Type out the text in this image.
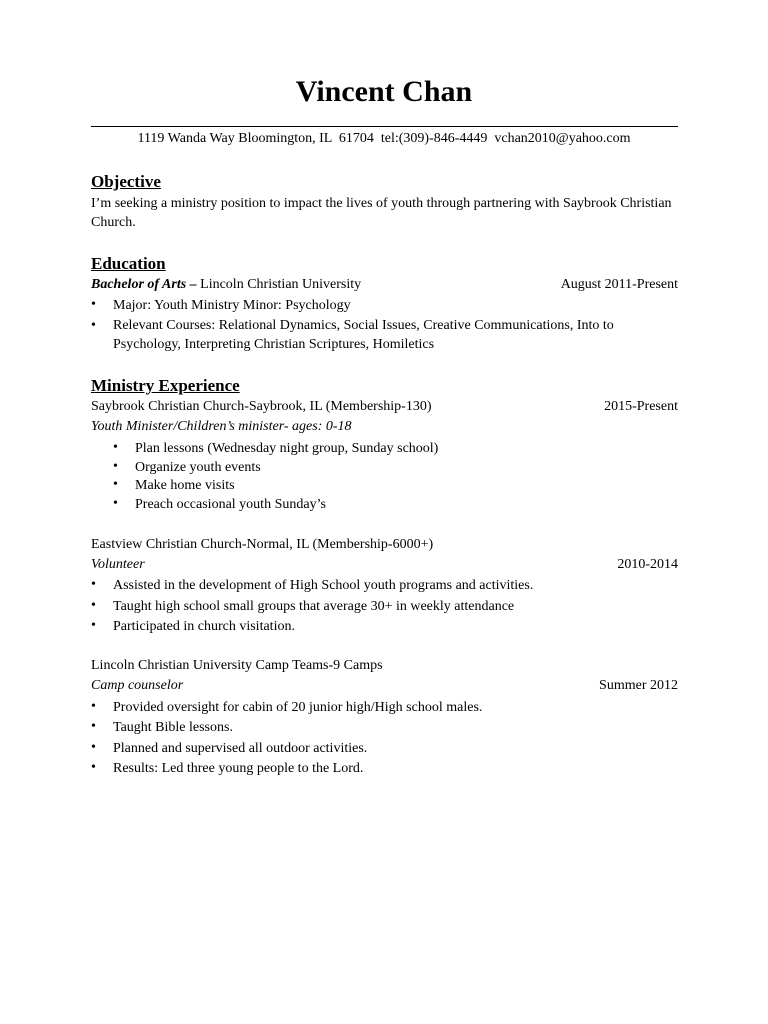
Vincent Chan
1119 Wanda Way Bloomington, IL  61704  tel:(309)-846-4449  vchan2010@yahoo.com
Objective
I’m seeking a ministry position to impact the lives of youth through partnering with Saybrook Christian Church.
Education
Bachelor of Arts – Lincoln Christian University	August 2011-Present
• Major: Youth Ministry Minor: Psychology
• Relevant Courses: Relational Dynamics, Social Issues, Creative Communications, Into to Psychology, Interpreting Christian Scriptures, Homiletics
Ministry Experience
Saybrook Christian Church-Saybrook, IL (Membership-130)	2015-Present
Youth Minister/Children’s minister- ages: 0-18
• Plan lessons (Wednesday night group, Sunday school)
• Organize youth events
• Make home visits
• Preach occasional youth Sunday’s
Eastview Christian Church-Normal, IL (Membership-6000+)
Volunteer	2010-2014
• Assisted in the development of High School youth programs and activities.
• Taught high school small groups that average 30+ in weekly attendance
• Participated in church visitation.
Lincoln Christian University Camp Teams-9 Camps
Camp counselor	Summer 2012
• Provided oversight for cabin of 20 junior high/High school males.
• Taught Bible lessons.
• Planned and supervised all outdoor activities.
• Results: Led three young people to the Lord.
